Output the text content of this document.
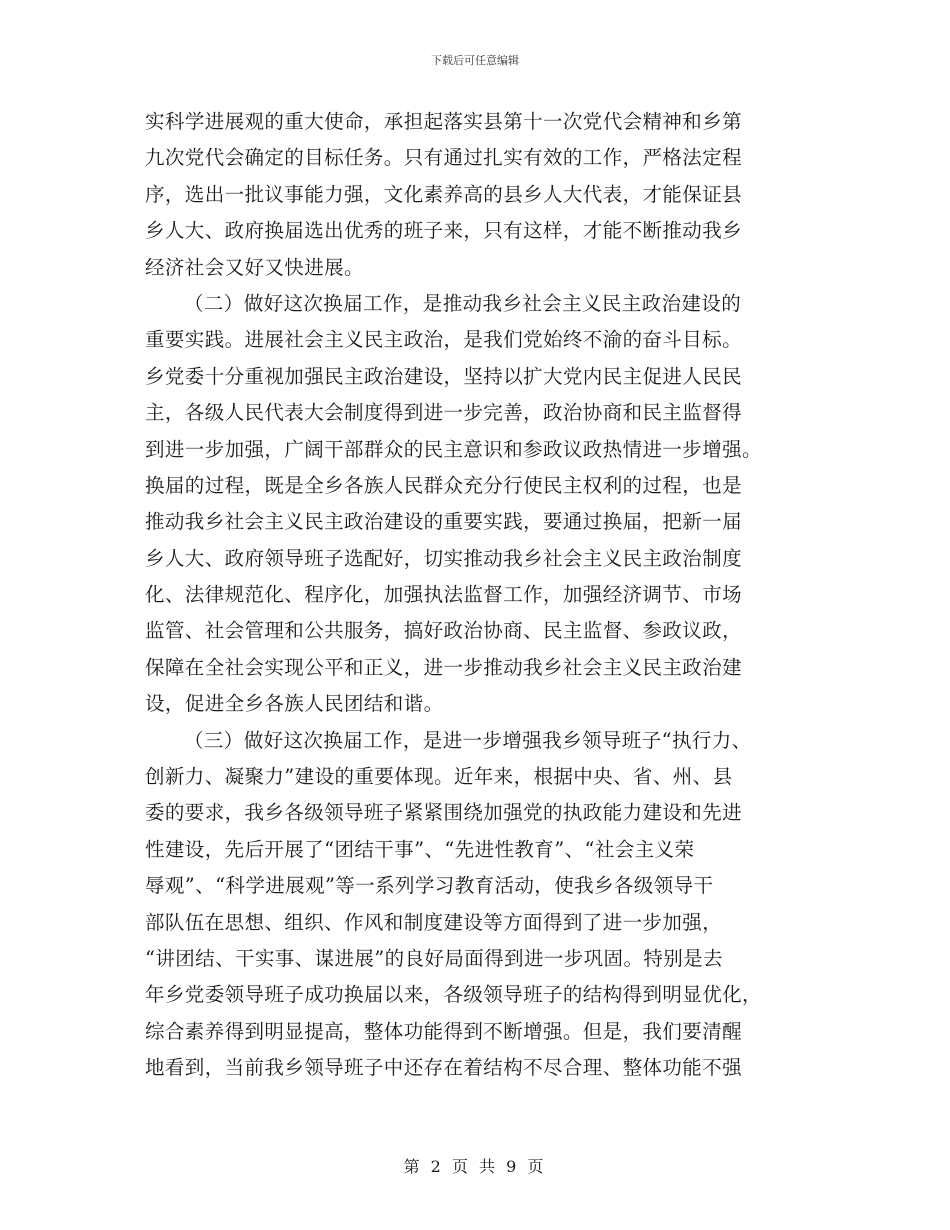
下载后可任意编辑
实科学进展观的重大使命，承担起落实县第十一次党代会精神和乡第
九次党代会确定的目标任务。只有通过扎实有效的工作，严格法定程
序，选出一批议事能力强，文化素养高的县乡人大代表，才能保证县
乡人大、政府换届选出优秀的班子来，只有这样，才能不断推动我乡
经济社会又好又快进展。
（二）做好这次换届工作，是推动我乡社会主义民主政治建设的
重要实践。进展社会主义民主政治，是我们党始终不渝的奋斗目标。
乡党委十分重视加强民主政治建设，坚持以扩大党内民主促进人民民
主，各级人民代表大会制度得到进一步完善，政治协商和民主监督得
到进一步加强，广阔干部群众的民主意识和参政议政热情进一步增强。
换届的过程，既是全乡各族人民群众充分行使民主权利的过程，也是
推动我乡社会主义民主政治建设的重要实践，要通过换届，把新一届
乡人大、政府领导班子选配好，切实推动我乡社会主义民主政治制度
化、法律规范化、程序化，加强执法监督工作，加强经济调节、市场
监管、社会管理和公共服务，搞好政治协商、民主监督、参政议政，
保障在全社会实现公平和正义，进一步推动我乡社会主义民主政治建
设，促进全乡各族人民团结和谐。
（三）做好这次换届工作，是进一步增强我乡领导班子“执行力、
创新力、凝聚力”建设的重要体现。近年来，根据中央、省、州、县
委的要求，我乡各级领导班子紧紧围绕加强党的执政能力建设和先进
性建设，先后开展了“团结干事”、“先进性教育”、“社会主义荣
辱观”、“科学进展观”等一系列学习教育活动，使我乡各级领导干
部队伍在思想、组织、作风和制度建设等方面得到了进一步加强，
“讲团结、干实事、谋进展”的良好局面得到进一步巩固。特别是去
年乡党委领导班子成功换届以来，各级领导班子的结构得到明显优化，
综合素养得到明显提高，整体功能得到不断增强。但是，我们要清醒
地看到，当前我乡领导班子中还存在着结构不尽合理、整体功能不强
第 2 页 共 9 页
